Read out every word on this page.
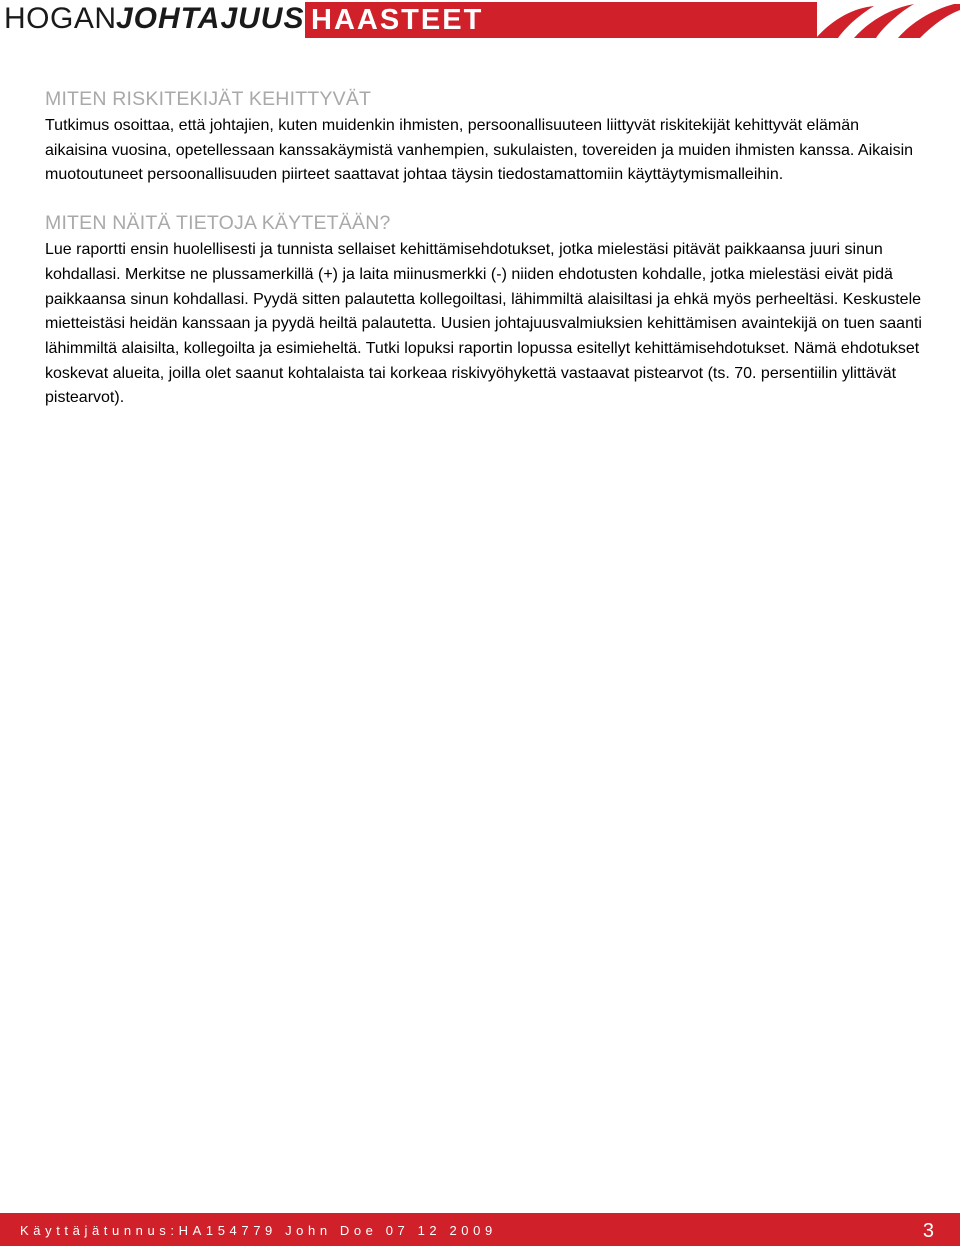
HOGAN JOHTAJUUS HAASTEET
MITEN RISKITEKIJÄT KEHITTYVÄT

Tutkimus osoittaa, että johtajien, kuten muidenkin ihmisten, persoonallisuuteen liittyvät riskitekijät kehittyvät elämän aikaisina vuosina, opetellessaan kanssakäymistä vanhempien, sukulaisten, tovereiden ja muiden ihmisten kanssa. Aikaisin muotoutuneet persoonallisuuden piirteet saattavat johtaa täysin tiedostamattomiin käyttäytymismalleihin.

MITEN NÄITÄ TIETOJA KÄYTETÄÄN?

Lue raportti ensin huolellisesti ja tunnista sellaiset kehittämisehdotukset, jotka mielestäsi pitävät paikkaansa juuri sinun kohdallasi. Merkitse ne plussamerkillä (+) ja laita miinusmerkki (-) niiden ehdotusten kohdalle, jotka mielestäsi eivät pidä paikkaansa sinun kohdallasi. Pyydä sitten palautetta kollegoiltasi, lähimmiltä alaisiltasi ja ehkä myös perheeltäsi. Keskustele mietteistäsi heidän kanssaan ja pyydä heiltä palautetta. Uusien johtajuusvalmiuksien kehittämisen avaintekijä on tuen saanti lähimmiltä alaisilta, kollegoilta ja esimieheltä. Tutki lopuksi raportin lopussa esitellyt kehittämisehdotukset. Nämä ehdotukset koskevat alueita, joilla olet saanut kohtalaista tai korkeaa riskivyöhykettä vastaavat pistearvot (ts. 70. persentiilin ylittävät pistearvot).

Käyttäjätunnus:HA154779 John Doe 07 12 2009	3
